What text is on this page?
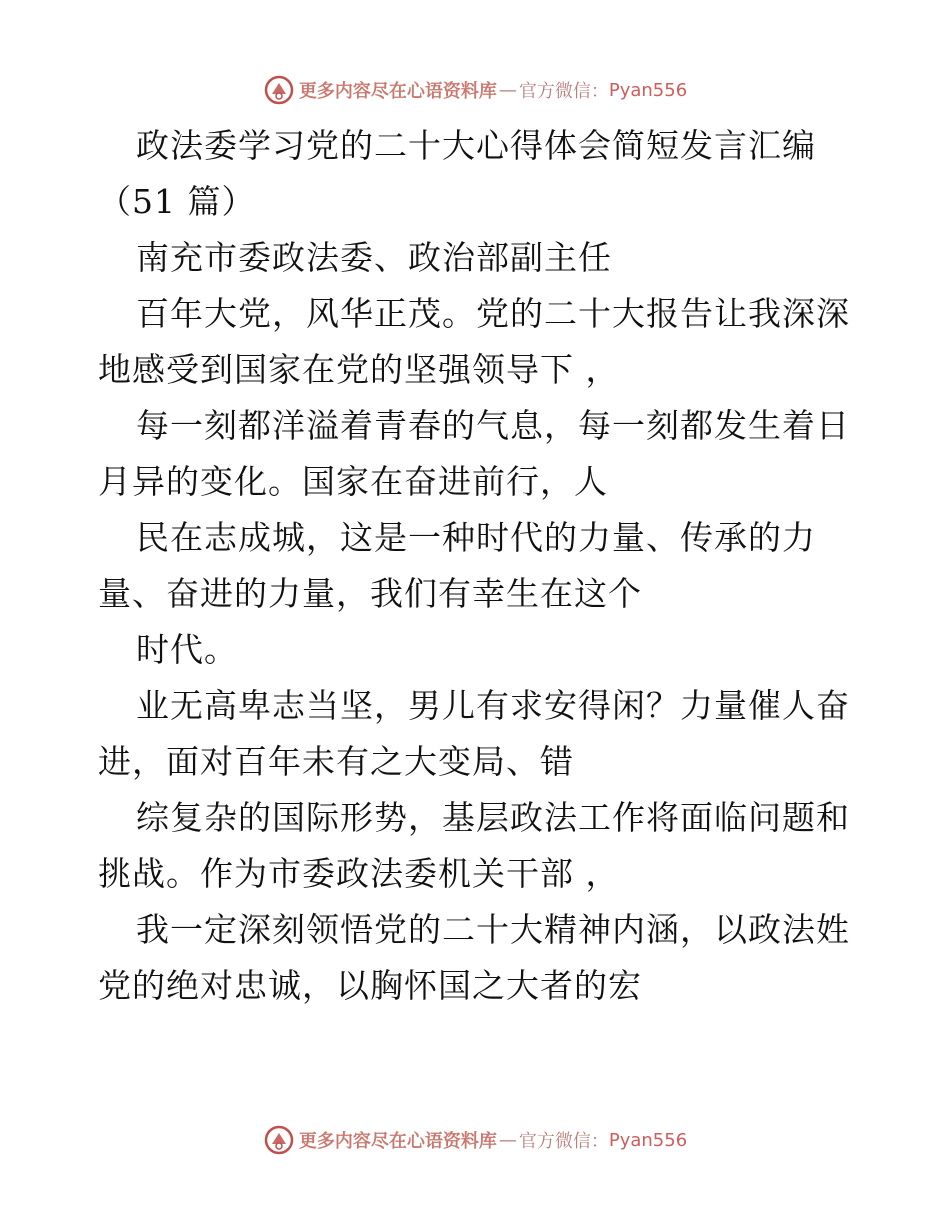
更多内容尽在心语资料库 — 官方微信： Pyan556
政法委学习党的二十大心得体会简短发言汇编
（51 篇）
南充市委政法委、政治部副主任
百年大党，风华正茂。党的二十大报告让我深深
地感受到国家在党的坚强领导下 ，
每一刻都洋溢着青春的气息，每一刻都发生着日
月异的变化。国家在奋进前行，人
民在志成城，这是一种时代的力量、传承的力
量、奋进的力量，我们有幸生在这个
时代。
业无高卑志当坚，男儿有求安得闲？力量催人奋
进，面对百年未有之大变局、错
综复杂的国际形势，基层政法工作将面临问题和
挑战。作为市委政法委机关干部 ，
我一定深刻领悟党的二十大精神内涵，以政法姓
党的绝对忠诚，以胸怀国之大者的宏
更多内容尽在心语资料库 — 官方微信： Pyan556
